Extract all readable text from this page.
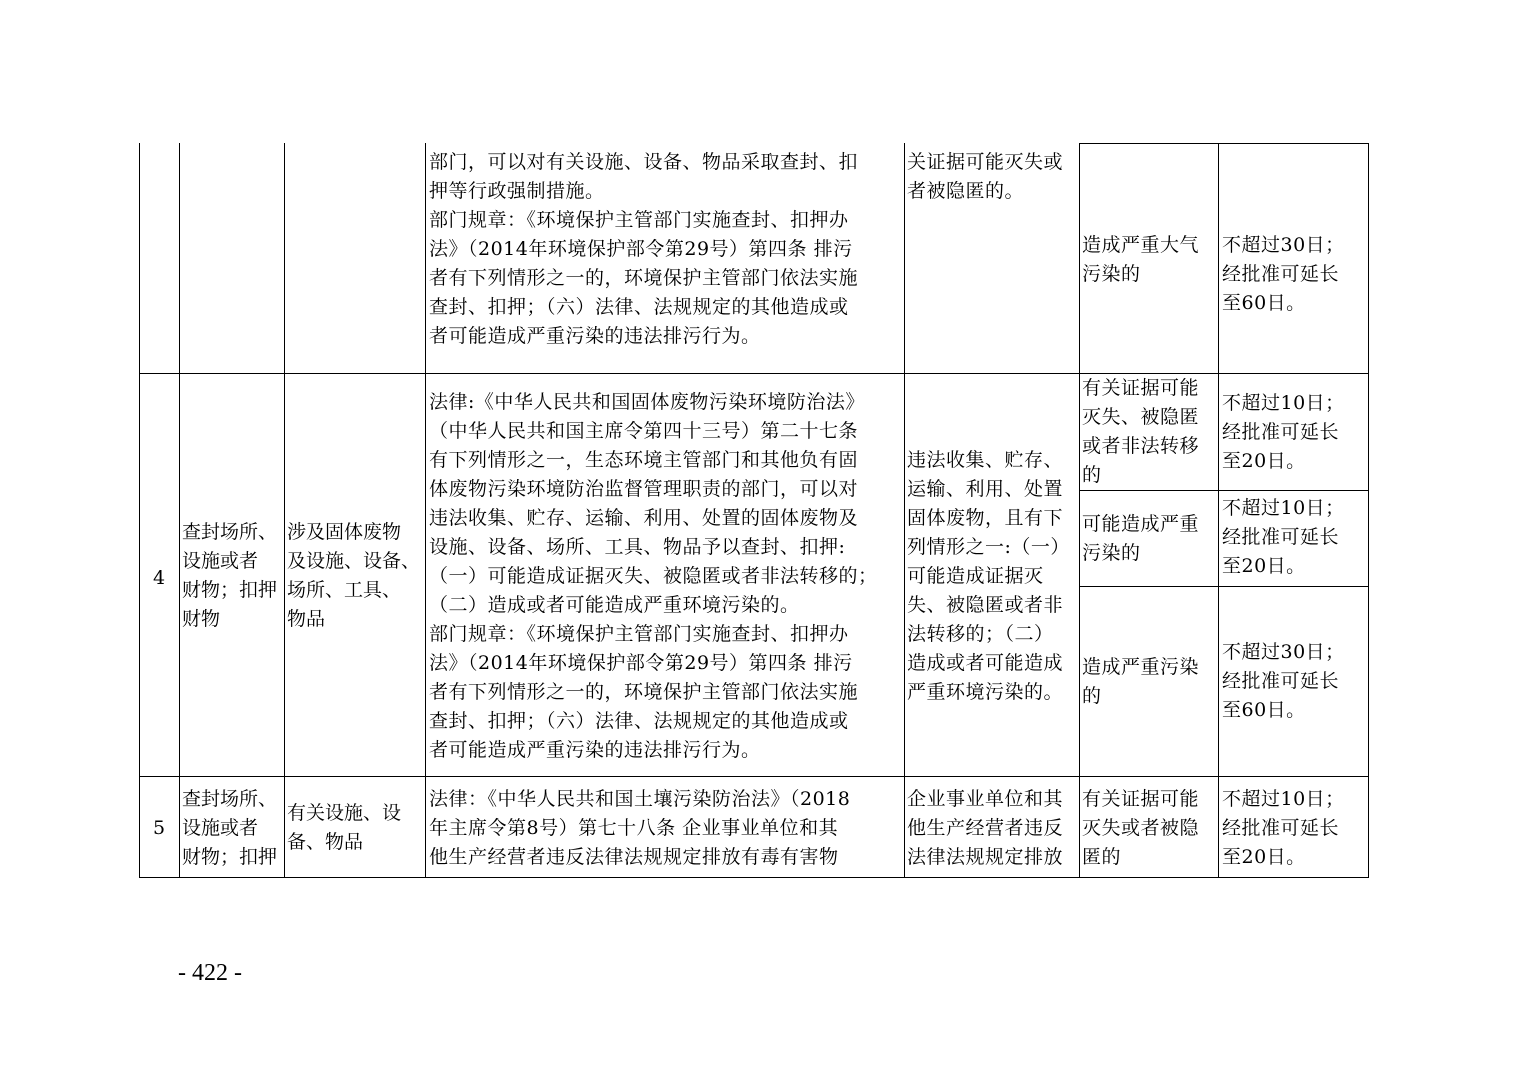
部门，可以对有关设施、设备、物品采取查封、扣
押等行政强制措施。
部门规章：《环境保护主管部门实施查封、扣押办
法》（2014年环境保护部令第29号）第四条 排污
者有下列情形之一的，环境保护主管部门依法实施
查封、扣押；（六）法律、法规规定的其他造成或
者可能造成严重污染的违法排污行为。
关证据可能灭失或
者被隐匿的。
造成严重大气
污染的
不超过30日；
经批准可延长
至60日。
4
查封场所、
设施或者
财物；扣押
财物
涉及固体废物
及设施、设备、
场所、工具、
物品
法律:《中华人民共和国固体废物污染环境防治法》
（中华人民共和国主席令第四十三号）第二十七条
有下列情形之一，生态环境主管部门和其他负有固
体废物污染环境防治监督管理职责的部门，可以对
违法收集、贮存、运输、利用、处置的固体废物及
设施、设备、场所、工具、物品予以查封、扣押:
（一）可能造成证据灭失、被隐匿或者非法转移的；
（二）造成或者可能造成严重环境污染的。
部门规章：《环境保护主管部门实施查封、扣押办
法》（2014年环境保护部令第29号）第四条 排污
者有下列情形之一的，环境保护主管部门依法实施
查封、扣押；（六）法律、法规规定的其他造成或
者可能造成严重污染的违法排污行为。
违法收集、贮存、
运输、利用、处置
固体废物，且有下
列情形之一:（一）
可能造成证据灭
失、被隐匿或者非
法转移的；（二）
造成或者可能造成
严重环境污染的。
有关证据可能
灭失、被隐匿
或者非法转移
的
不超过10日；
经批准可延长
至20日。
可能造成严重
污染的
不超过10日；
经批准可延长
至20日。
造成严重污染
的
不超过30日；
经批准可延长
至60日。
5
查封场所、
设施或者
财物；扣押
有关设施、设
备、物品
法律：《中华人民共和国土壤污染防治法》（2018
年主席令第8号）第七十八条 企业事业单位和其
他生产经营者违反法律法规规定排放有毒有害物
企业事业单位和其
他生产经营者违反
法律法规规定排放
有关证据可能
灭失或者被隐
匿的
不超过10日；
经批准可延长
至20日。
- 422 -
